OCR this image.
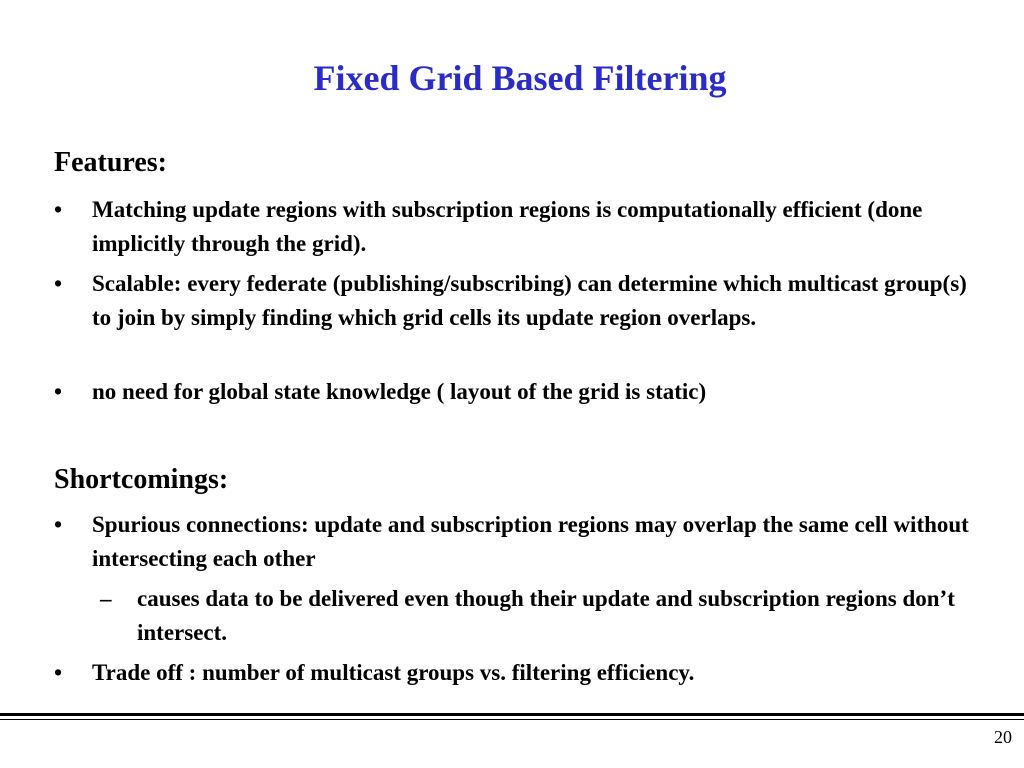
Fixed Grid Based Filtering
Features:
•	Matching update regions with subscription regions is computationally efficient (done implicitly through the grid).
•	Scalable: every federate (publishing/subscribing) can determine which multicast group(s) to join by simply finding which grid cells its update region overlaps.
•	no need for global state knowledge ( layout of the grid is static)
Shortcomings:
•	Spurious connections: update and subscription regions may overlap the same cell without intersecting each other
–	causes data to be delivered even though their update and subscription regions don’t intersect.
•	Trade off : number of multicast groups vs. filtering efficiency.
20
